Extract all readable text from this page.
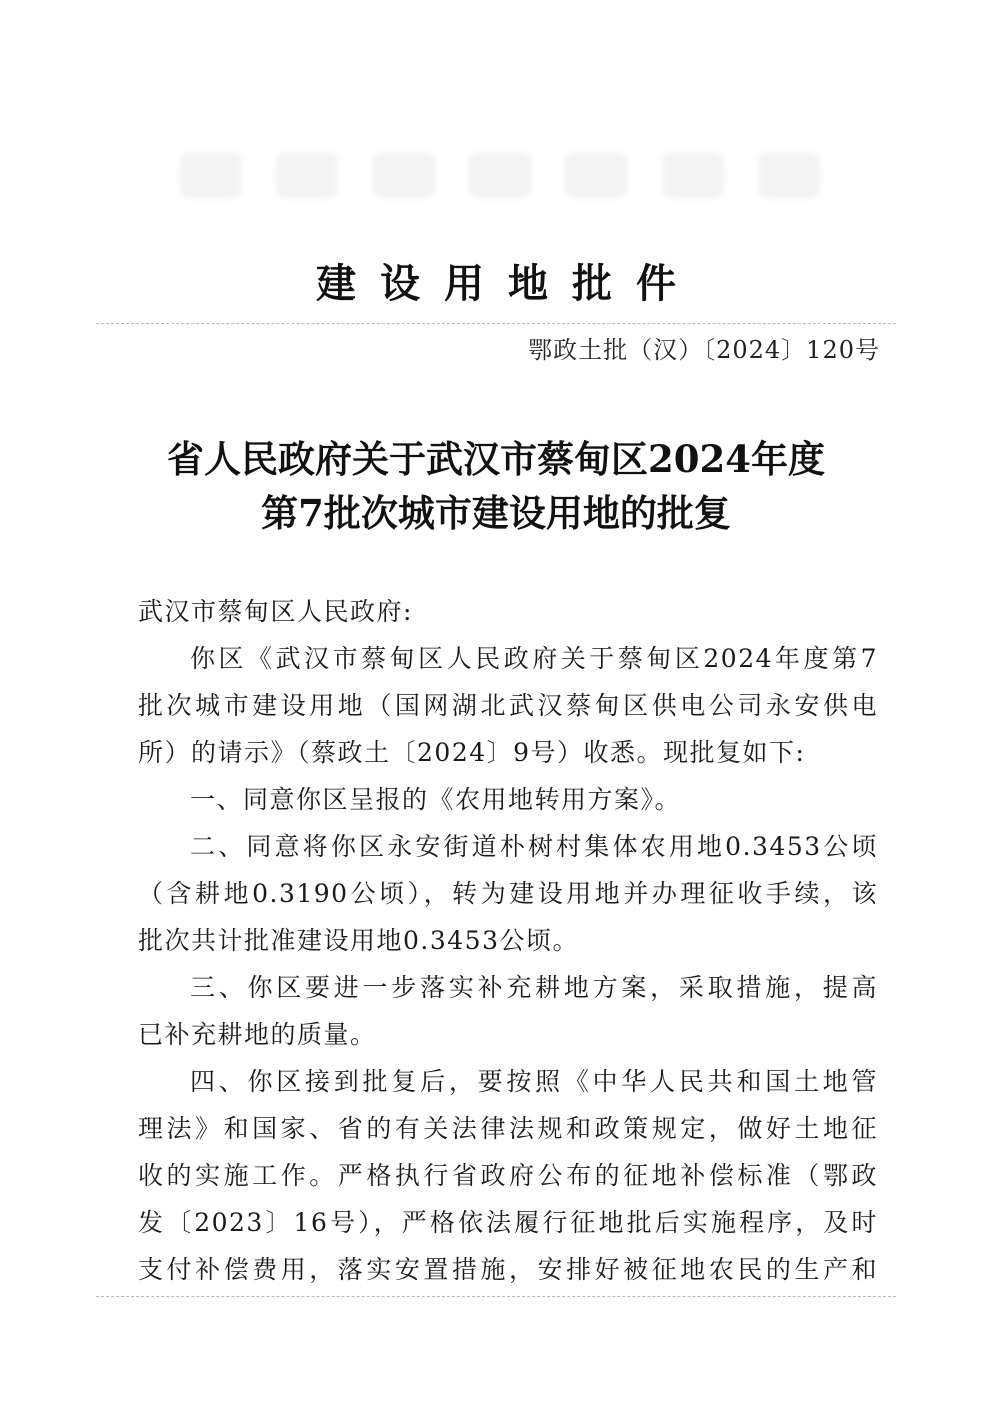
建设用地批件
鄂政土批（汉）〔2024〕120号
省人民政府关于武汉市蔡甸区2024年度
第7批次城市建设用地的批复
武汉市蔡甸区人民政府:
你区《武汉市蔡甸区人民政府关于蔡甸区2024年度第7
批次城市建设用地（国网湖北武汉蔡甸区供电公司永安供电
所）的请示》（蔡政土〔2024〕9号）收悉。现批复如下:
一、同意你区呈报的《农用地转用方案》。
二、同意将你区永安街道朴树村集体农用地0.3453公顷
（含耕地0.3190公顷），转为建设用地并办理征收手续，该
批次共计批准建设用地0.3453公顷。
三、你区要进一步落实补充耕地方案，采取措施，提高
已补充耕地的质量。
四、你区接到批复后，要按照《中华人民共和国土地管
理法》和国家、省的有关法律法规和政策规定，做好土地征
收的实施工作。严格执行省政府公布的征地补偿标准（鄂政
发〔2023〕16号），严格依法履行征地批后实施程序，及时
支付补偿费用，落实安置措施，安排好被征地农民的生产和
